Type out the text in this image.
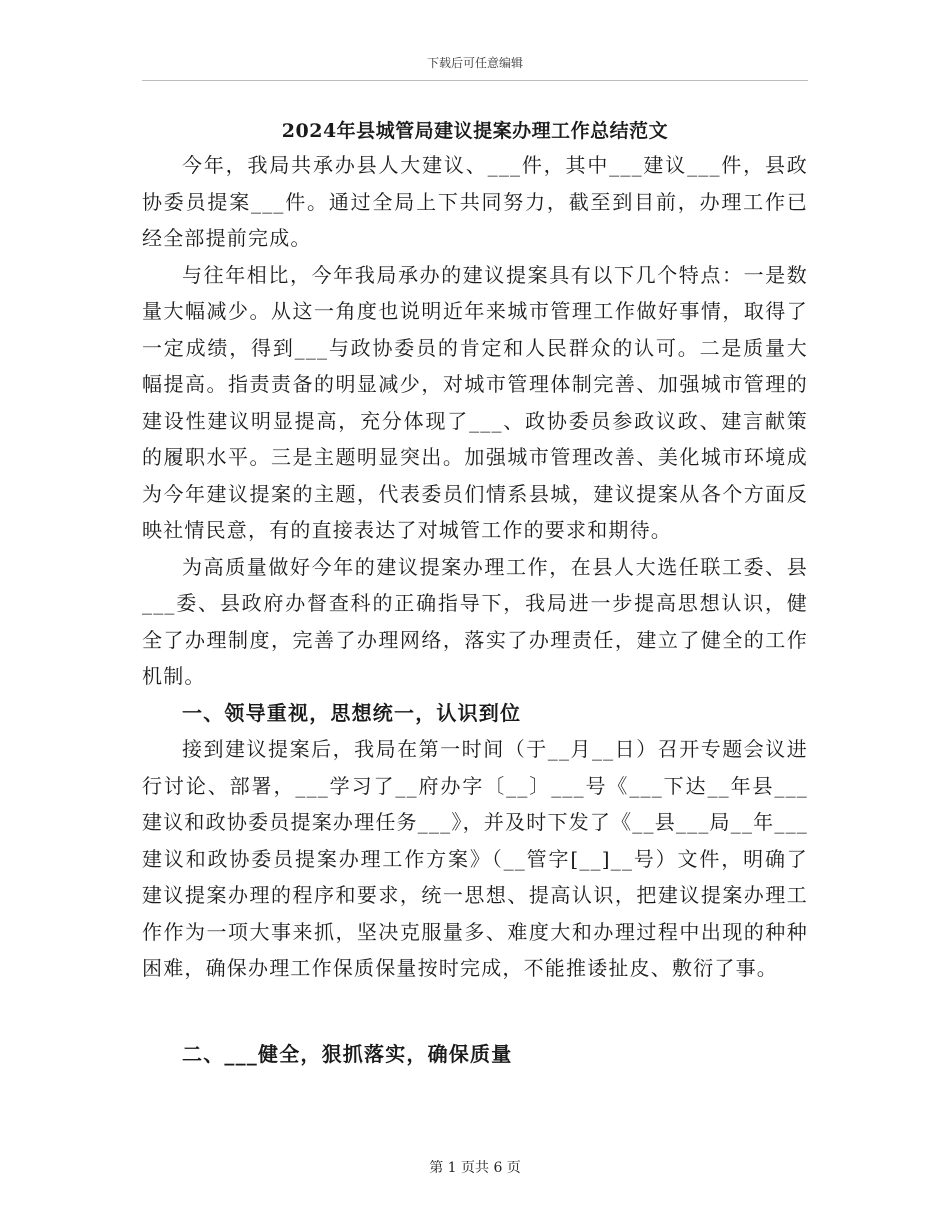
下载后可任意编辑
2024年县城管局建议提案办理工作总结范文

今年，我局共承办县人大建议、___件，其中___建议___件，县政协委员提案___件。通过全局上下共同努力，截至到目前，办理工作已经全部提前完成。

与往年相比，今年我局承办的建议提案具有以下几个特点：一是数量大幅减少。从这一角度也说明近年来城市管理工作做好事情，取得了一定成绩，得到___与政协委员的肯定和人民群众的认可。二是质量大幅提高。指责责备的明显减少，对城市管理体制完善、加强城市管理的建设性建议明显提高，充分体现了___、政协委员参政议政、建言献策的履职水平。三是主题明显突出。加强城市管理改善、美化城市环境成为今年建议提案的主题，代表委员们情系县城，建议提案从各个方面反映社情民意，有的直接表达了对城管工作的要求和期待。

为高质量做好今年的建议提案办理工作，在县人大选任联工委、县___委、县政府办督查科的正确指导下，我局进一步提高思想认识，健全了办理制度，完善了办理网络，落实了办理责任，建立了健全的工作机制。

一、领导重视，思想统一，认识到位

接到建议提案后，我局在第一时间（于__月__日）召开专题会议进行讨论、部署，___学习了__府办字〔__〕___号《___下达__年县___建议和政协委员提案办理任务___》，并及时下发了《__县___局__年___建议和政协委员提案办理工作方案》（__管字[__]__号）文件，明确了建议提案办理的程序和要求，统一思想、提高认识，把建议提案办理工作作为一项大事来抓，坚决克服量多、难度大和办理过程中出现的种种困难，确保办理工作保质保量按时完成，不能推诿扯皮、敷衍了事。

二、___健全，狠抓落实，确保质量

第 1 页共 6 页
